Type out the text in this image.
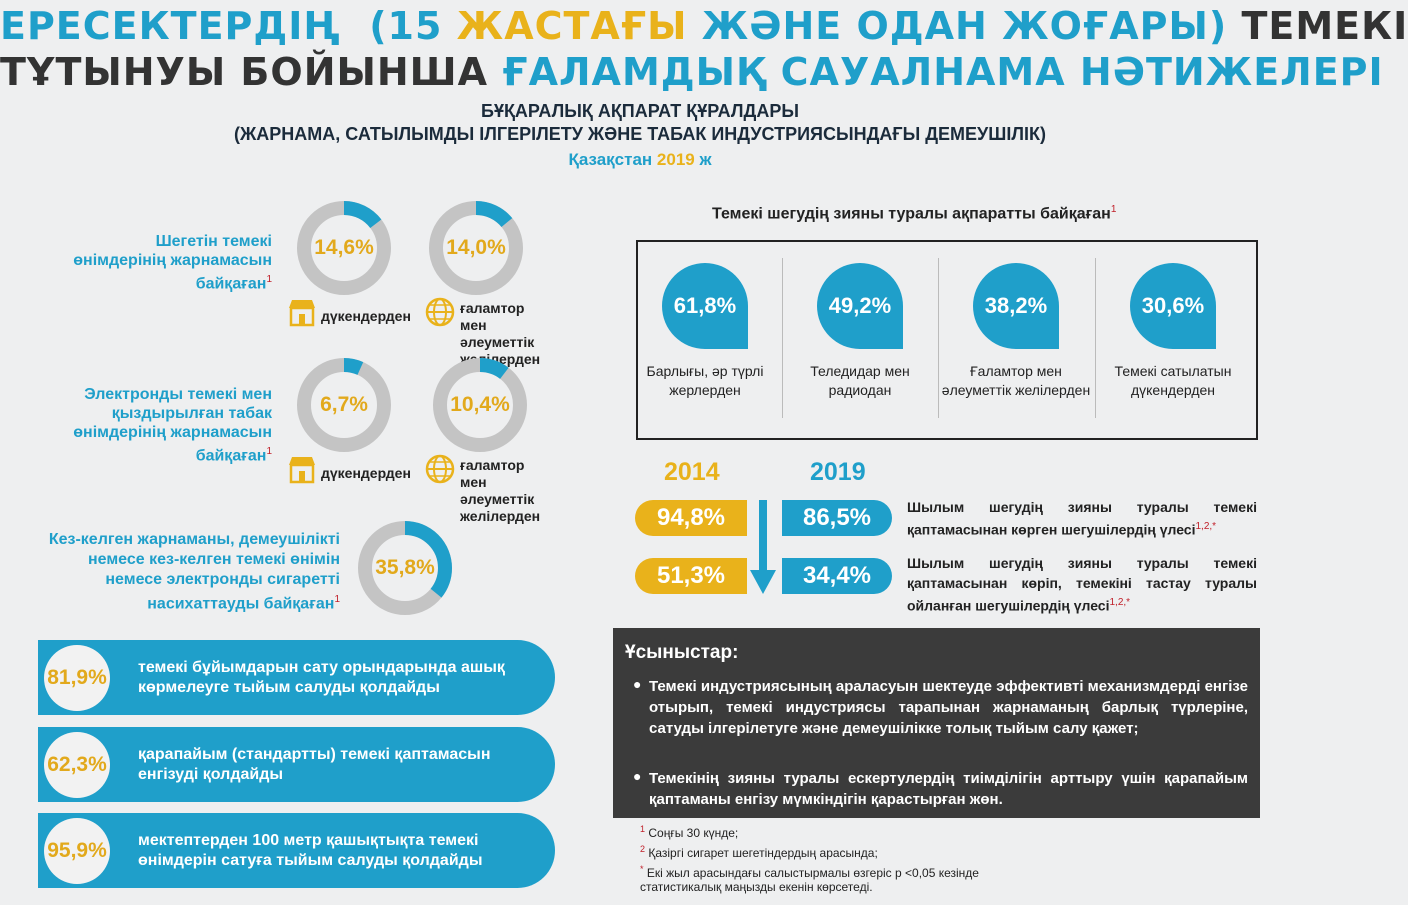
ЕРЕСЕКТЕРДІҢ (15 ЖАСТАҒЫ ЖӘНЕ ОДАН ЖОҒАРЫ) ТЕМЕКІ
ТҰТЫНУЫ БОЙЫНША ҒАЛАМДЫҚ САУАЛНАМА НӘТИЖЕЛЕРІ
БҰҚАРАЛЫҚ АҚПАРАТ ҚҰРАЛДАРЫ
(ЖАРНАМА, САТЫЛЫМДЫ ІЛГЕРІЛЕТУ ЖӘНЕ ТАБАК ИНДУСТРИЯСЫНДАҒЫ ДЕМЕУШІЛІК)
Қазақстан 2019 ж
Шегетін темекі өнімдерінің жарнамасын байқаған$^1$
14,6%	14,0%
дүкендерден	ғаламтор мен әлеуметтік желілерден
Электронды темекі мен қыздырылған табак өнімдерінің жарнамасын байқаған$^1$
6,7%	10,4%
дүкендерден	ғаламтор мен әлеуметтік желілерден
Кез-келген жарнаманы, демеушілікті немесе кез-келген темекі өнімін немесе электронды сигаретті насихаттауды байқаған$^1$
35,8%
81,9% темекі бұйымдарын сату орындарында ашық көрмелеуге тыйым салуды қолдайды
62,3% қарапайым (стандартты) темекі қаптамасын енгізуді қолдайды
95,9% мектептерден 100 метр қашықтықта темекі өнімдерін сатуға тыйым салуды қолдайды
Темекі шегудің зияны туралы ақпаратты байқаған$^1$
61,8%
Барлығы, әр түрлі жерлерден
49,2%
Теледидар мен радиодан
38,2%
Ғаламтор мен әлеуметтік желілерден
30,6%
Темекі сатылатын дүкендерден
2014	2019
94,8%	86,5%
51,3%	34,4%
Шылым шегудің зияны туралы темекі қаптамасынан көрген шегушілердің үлесі$^{1,2,*}$
Шылым шегудің зияны туралы темекі қаптамасынан көріп, темекіні тастау туралы ойланған шегушілердің үлесі$^{1,2,*}$
Ұсыныстар:
● Темекі индустриясының араласуын шектеуде эффективті механизмдерді енгізе отырып, темекі индустриясы тарапынан жарнаманың барлық түрлеріне, сатуды ілгерілетуге және демеушілікке толық тыйым салу қажет;
● Темекінің зияны туралы ескертулердің тиімділігін арттыру үшін қарапайым қаптаманы енгізу мүмкіндігін қарастырған жөн.
$^1$ Соңғы 30 күнде;
$^2$ Қазіргі сигарет шегетіндердың арасында;
* Екі жыл арасындағы салыстырмалы өзгеріс p <0,05 кезінде статистикалық маңызды екенін көрсетеді.
